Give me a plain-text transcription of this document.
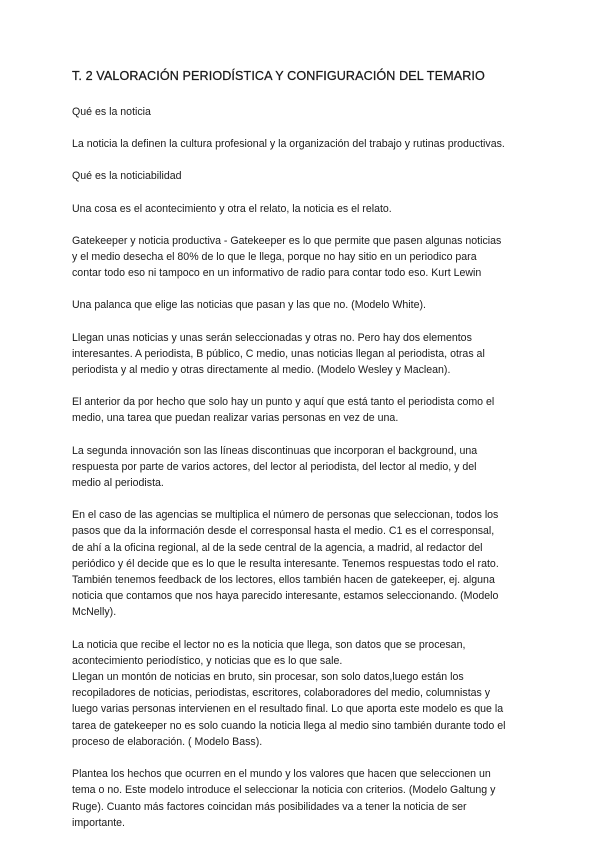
T. 2 VALORACIÓN PERIODÍSTICA Y CONFIGURACIÓN DEL TEMARIO
Qué es la noticia
La noticia la definen la cultura profesional y la organización del trabajo y rutinas productivas.
Qué es la noticiabilidad
Una cosa es el acontecimiento y otra el relato, la noticia es el relato.
Gatekeeper y noticia productiva - Gatekeeper es lo que permite que pasen algunas noticias
y el medio desecha el 80% de lo que le llega, porque no hay sitio en un periodico para
contar todo eso ni tampoco en un informativo de radio para contar todo eso. Kurt Lewin
Una palanca que elige las noticias que pasan y las que no. (Modelo White).
Llegan unas noticias y unas serán seleccionadas y otras no. Pero hay dos elementos
interesantes. A periodista, B público, C medio, unas noticias llegan al periodista, otras al
periodista y al medio y otras directamente al medio. (Modelo Wesley y Maclean).
El anterior da por hecho que solo hay un punto y aquí que está tanto el periodista como el
medio, una tarea que puedan realizar varias personas en vez de una.
La segunda innovación son las líneas discontinuas que incorporan el background, una
respuesta por parte de varios actores, del lector al periodista, del lector al medio, y del
medio al periodista.
En el caso de las agencias se multiplica el número de personas que seleccionan, todos los
pasos que da la información desde el corresponsal hasta el medio. C1 es el corresponsal,
de ahí a la oficina regional, al de la sede central de la agencia, a madrid, al redactor del
periódico y él decide que es lo que le resulta interesante. Tenemos respuestas todo el rato.
También tenemos feedback de los lectores, ellos también hacen de gatekeeper, ej. alguna
noticia que contamos que nos haya parecido interesante, estamos seleccionando. (Modelo
McNelly).
La noticia que recibe el lector no es la noticia que llega, son datos que se procesan,
acontecimiento periodístico, y noticias que es lo que sale.
Llegan un montón de noticias en bruto, sin procesar, son solo datos,luego están los
recopiladores de noticias, periodistas, escritores, colaboradores del medio, columnistas y
luego varias personas intervienen en el resultado final. Lo que aporta este modelo es que la
tarea de gatekeeper no es solo cuando la noticia llega al medio sino también durante todo el
proceso de elaboración. ( Modelo Bass).
Plantea los hechos que ocurren en el mundo y los valores que hacen que seleccionen un
tema o no. Este modelo introduce el seleccionar la noticia con criterios. (Modelo Galtung y
Ruge). Cuanto más factores coincidan más posibilidades va a tener la noticia de ser
importante.
